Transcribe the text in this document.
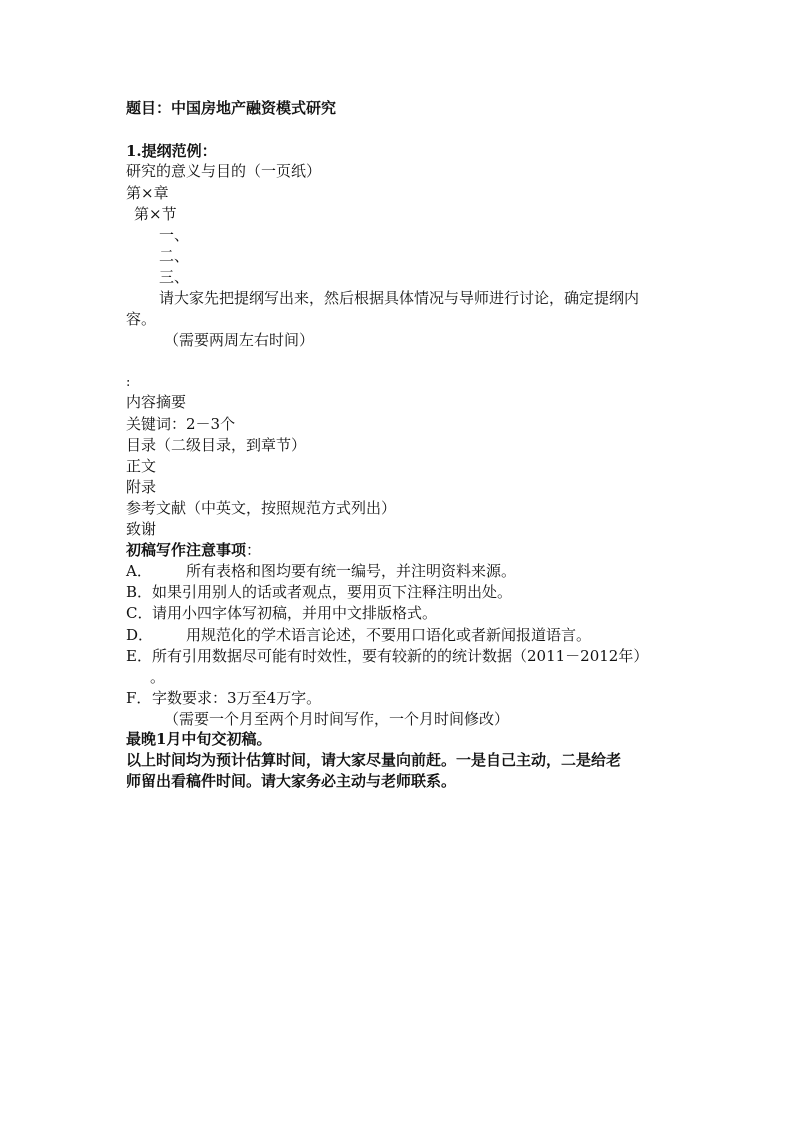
题目：中国房地产融资模式研究
1.提纲范例：
研究的意义与目的（一页纸）
第×章
第×节
一、
二、
三、
请大家先把提纲写出来，然后根据具体情况与导师进行讨论，确定提纲内
容。
（需要两周左右时间）
:
内容摘要
关键词：2－3个
目录（二级目录，到章节）
正文
附录
参考文献（中英文，按照规范方式列出）
致谢
初稿写作注意事项：
A． 所有表格和图均要有统一编号，并注明资料来源。
B．如果引用别人的话或者观点，要用页下注释注明出处。
C．请用小四字体写初稿，并用中文排版格式。
D． 用规范化的学术语言论述，不要用口语化或者新闻报道语言。
E．所有引用数据尽可能有时效性，要有较新的的统计数据（2011－2012年）
。
F．字数要求：3万至4万字。
（需要一个月至两个月时间写作，一个月时间修改）
最晚1月中旬交初稿。
以上时间均为预计估算时间，请大家尽量向前赶。一是自己主动，二是给老
师留出看稿件时间。请大家务必主动与老师联系。
